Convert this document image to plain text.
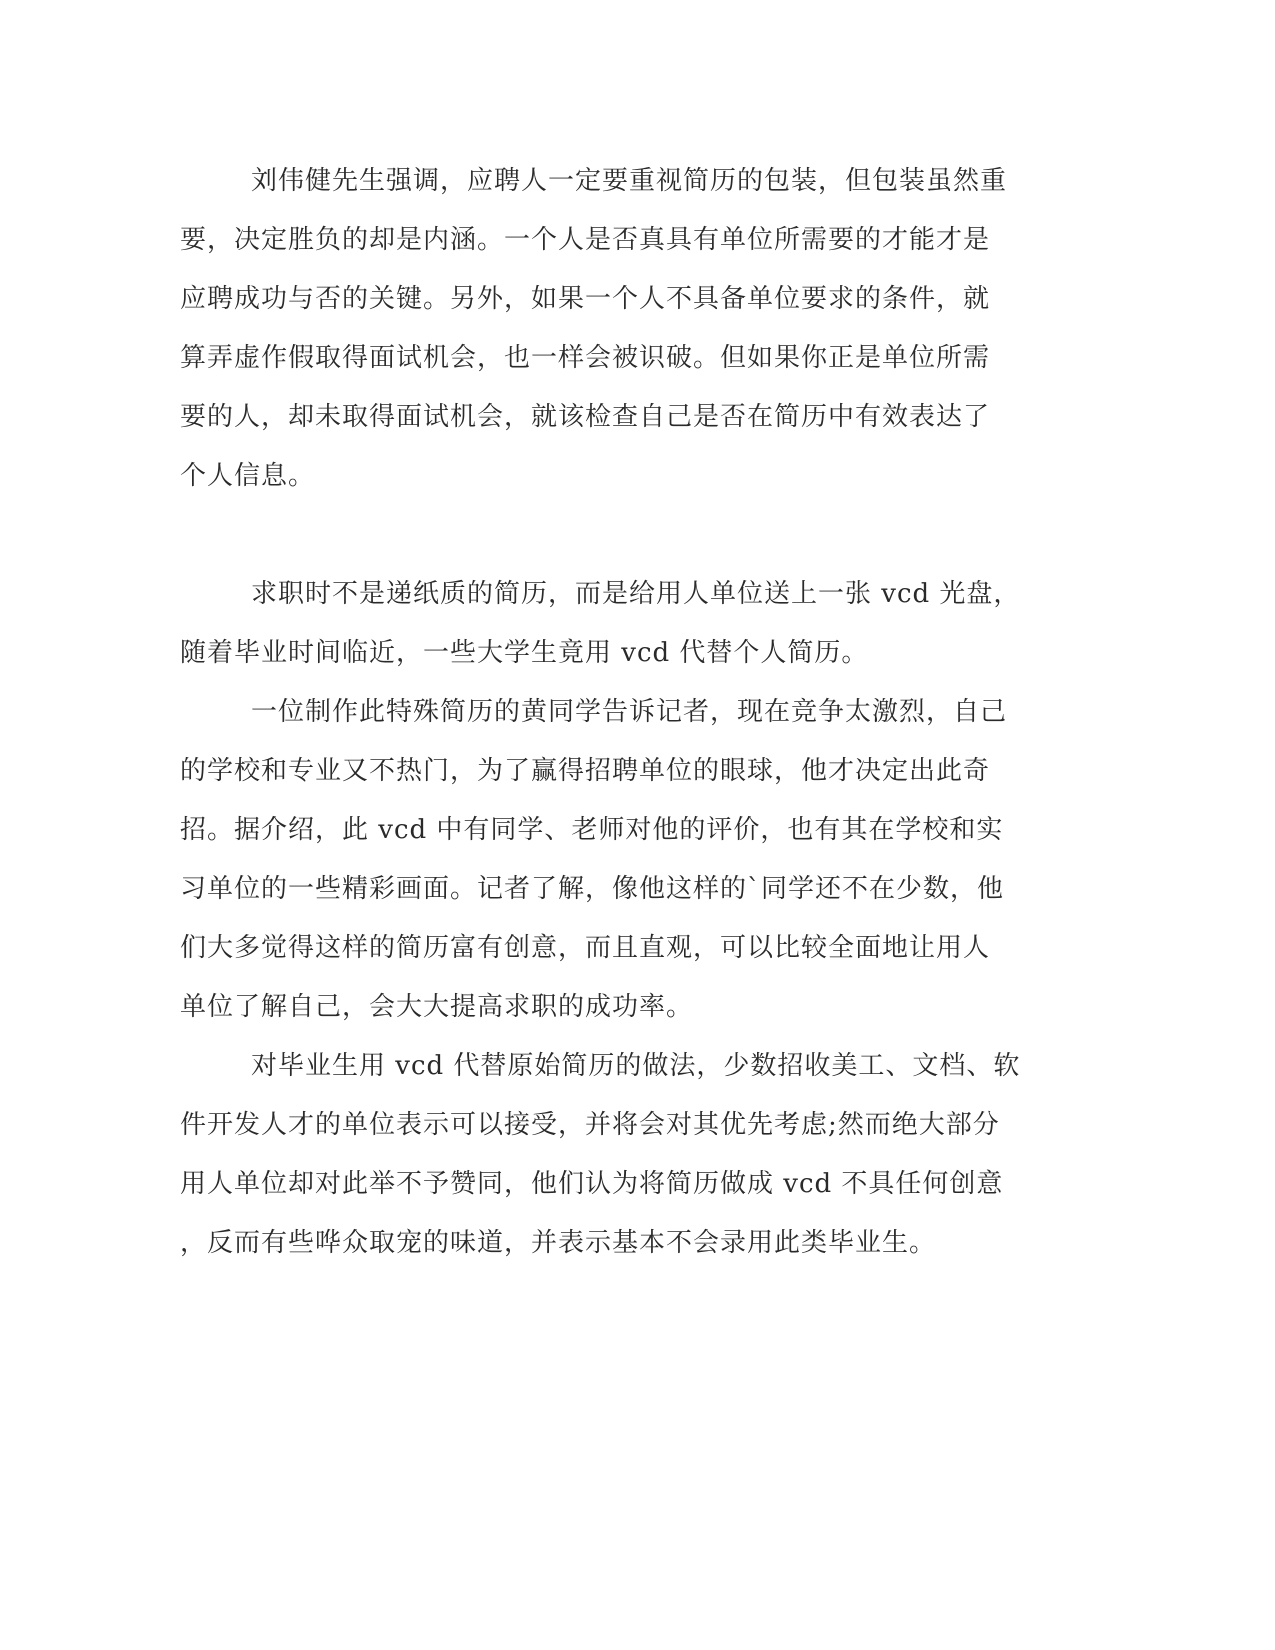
刘伟健先生强调，应聘人一定要重视简历的包装，但包装虽然重
要，决定胜负的却是内涵。一个人是否真具有单位所需要的才能才是
应聘成功与否的关键。另外，如果一个人不具备单位要求的条件，就
算弄虚作假取得面试机会，也一样会被识破。但如果你正是单位所需
要的人，却未取得面试机会，就该检查自己是否在简历中有效表达了
个人信息。
求职时不是递纸质的简历，而是给用人单位送上一张 vcd 光盘，
随着毕业时间临近，一些大学生竟用 vcd 代替个人简历。
一位制作此特殊简历的黄同学告诉记者，现在竞争太激烈，自己
的学校和专业又不热门，为了赢得招聘单位的眼球，他才决定出此奇
招。据介绍，此 vcd 中有同学、老师对他的评价，也有其在学校和实
习单位的一些精彩画面。记者了解，像他这样的`同学还不在少数，他
们大多觉得这样的简历富有创意，而且直观，可以比较全面地让用人
单位了解自己，会大大提高求职的成功率。
对毕业生用 vcd 代替原始简历的做法，少数招收美工、文档、软
件开发人才的单位表示可以接受，并将会对其优先考虑;然而绝大部分
用人单位却对此举不予赞同，他们认为将简历做成 vcd 不具任何创意
，反而有些哗众取宠的味道，并表示基本不会录用此类毕业生。
